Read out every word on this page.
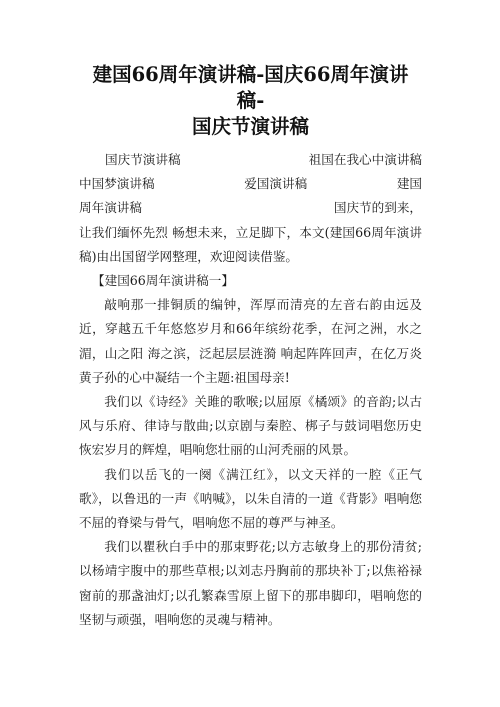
建国66周年演讲稿-国庆66周年演讲稿-
国庆节演讲稿
国庆节演讲稿	祖国在我心中演讲稿
中国梦演讲稿	爱国演讲稿	建国
周年演讲稿	国庆节的到来，

让我们缅怀先烈 畅想未来，立足脚下，本文(建国66周年演讲稿)由出国留学网整理，欢迎阅读借鉴。

【建国66周年演讲稿一】

敲响那一排铜质的编钟，浑厚而清亮的左音右韵由远及近，穿越五千年悠悠岁月和66年缤纷花季，在河之洲，水之湄，山之阳 海之滨，泛起层层涟漪 响起阵阵回声，在亿万炎黄子孙的心中凝结一个主题:祖国母亲!

我们以《诗经》关雎的歌喉;以屈原《橘颂》的音韵;以古风与乐府、律诗与散曲;以京剧与秦腔、梆子与鼓词唱您历史恢宏岁月的辉煌，唱响您壮丽的山河秃丽的风景。

我们以岳飞的一阕《满江红》，以文天祥的一腔《正气歌》，以鲁迅的一声《呐喊》，以朱自清的一道《背影》唱响您不屈的脊梁与骨气，唱响您不屈的尊严与神圣。

我们以瞿秋白手中的那束野花;以方志敏身上的那份清贫;以杨靖宇腹中的那些草根;以刘志丹胸前的那块补丁;以焦裕禄窗前的那盏油灯;以孔繁森雪原上留下的那串脚印，唱响您的坚韧与顽强，唱响您的灵魂与精神。
